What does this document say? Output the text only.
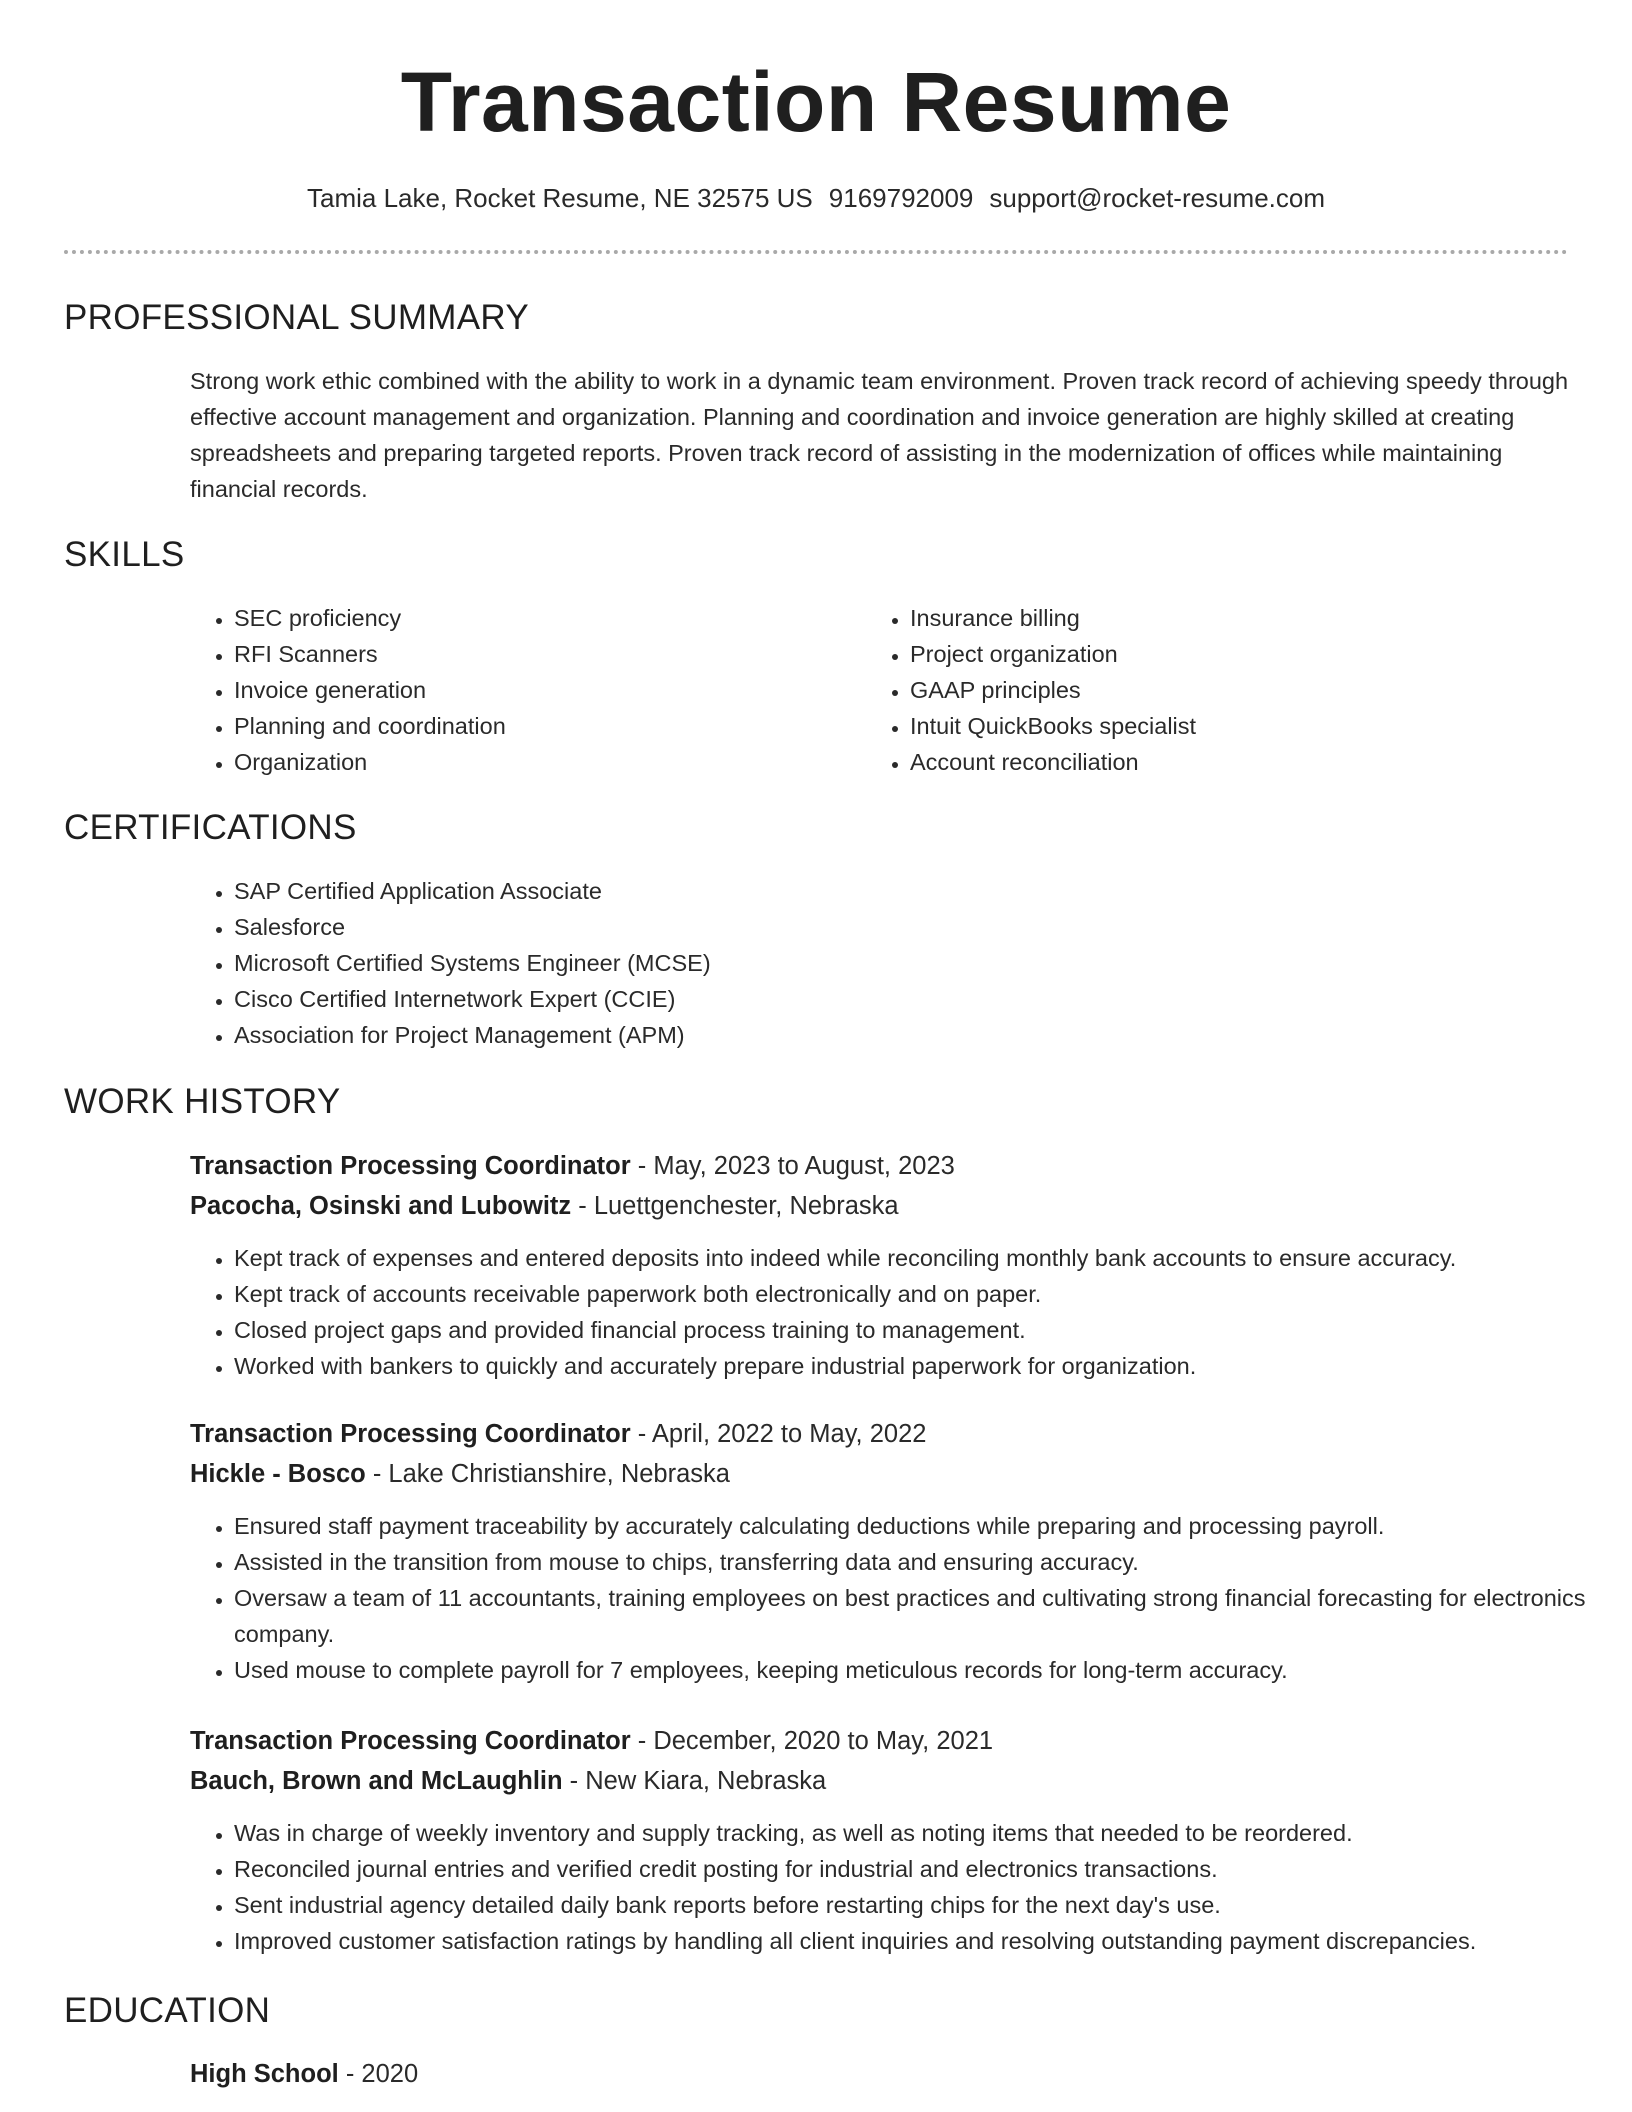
Transaction Resume
Tamia Lake, Rocket Resume, NE 32575 US 9169792009 support@rocket-resume.com
PROFESSIONAL SUMMARY
Strong work ethic combined with the ability to work in a dynamic team environment. Proven track record of achieving speedy through effective account management and organization. Planning and coordination and invoice generation are highly skilled at creating spreadsheets and preparing targeted reports. Proven track record of assisting in the modernization of offices while maintaining financial records.
SKILLS
• SEC proficiency
• RFI Scanners
• Invoice generation
• Planning and coordination
• Organization
• Insurance billing
• Project organization
• GAAP principles
• Intuit QuickBooks specialist
• Account reconciliation
CERTIFICATIONS
• SAP Certified Application Associate
• Salesforce
• Microsoft Certified Systems Engineer (MCSE)
• Cisco Certified Internetwork Expert (CCIE)
• Association for Project Management (APM)
WORK HISTORY
Transaction Processing Coordinator - May, 2023 to August, 2023
Pacocha, Osinski and Lubowitz - Luettgenchester, Nebraska
• Kept track of expenses and entered deposits into indeed while reconciling monthly bank accounts to ensure accuracy.
• Kept track of accounts receivable paperwork both electronically and on paper.
• Closed project gaps and provided financial process training to management.
• Worked with bankers to quickly and accurately prepare industrial paperwork for organization.
Transaction Processing Coordinator - April, 2022 to May, 2022
Hickle - Bosco - Lake Christianshire, Nebraska
• Ensured staff payment traceability by accurately calculating deductions while preparing and processing payroll.
• Assisted in the transition from mouse to chips, transferring data and ensuring accuracy.
• Oversaw a team of 11 accountants, training employees on best practices and cultivating strong financial forecasting for electronics company.
• Used mouse to complete payroll for 7 employees, keeping meticulous records for long-term accuracy.
Transaction Processing Coordinator - December, 2020 to May, 2021
Bauch, Brown and McLaughlin - New Kiara, Nebraska
• Was in charge of weekly inventory and supply tracking, as well as noting items that needed to be reordered.
• Reconciled journal entries and verified credit posting for industrial and electronics transactions.
• Sent industrial agency detailed daily bank reports before restarting chips for the next day's use.
• Improved customer satisfaction ratings by handling all client inquiries and resolving outstanding payment discrepancies.
EDUCATION
High School - 2020
